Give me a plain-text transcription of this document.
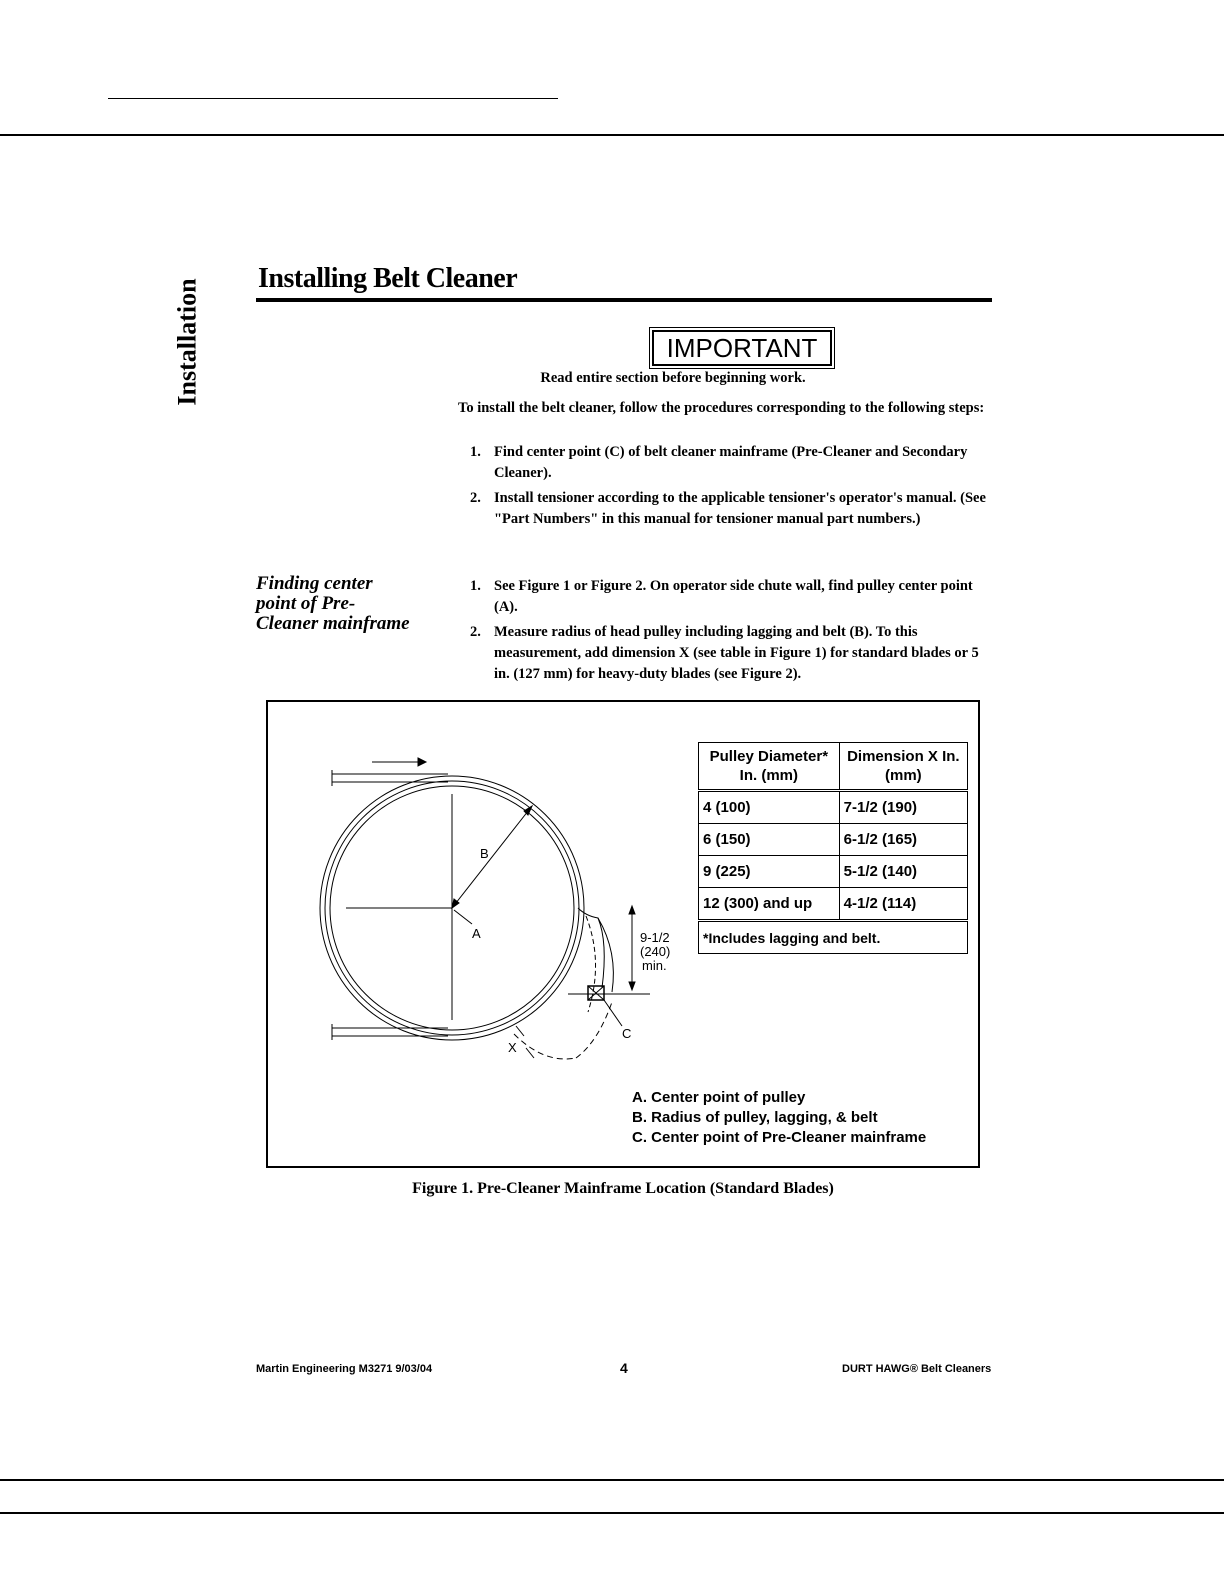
Installation Installing Belt Cleaner
IMPORTANT
Read entire section before beginning work.
To install the belt cleaner, follow the procedures corresponding to the following steps:
1. Find center point (C) of belt cleaner mainframe (Pre-Cleaner and Secondary Cleaner).
2. Install tensioner according to the applicable tensioner's operator's manual. (See "Part Numbers" in this manual for tensioner manual part numbers.)
Finding center point of Pre-Cleaner mainframe
1. See Figure 1 or Figure 2. On operator side chute wall, find pulley center point (A).
2. Measure radius of head pulley including lagging and belt (B). To this measurement, add dimension X (see table in Figure 1) for standard blades or 5 in. (127 mm) for heavy-duty blades (see Figure 2).
B
A
C
X
9-1/2
(240)
min.
Pulley Diameter* In. (mm)	Dimension X In. (mm)
4 (100)	7-1/2 (190)
6 (150)	6-1/2 (165)
9 (225)	5-1/2 (140)
12 (300) and up	4-1/2 (114)
*Includes lagging and belt.	
A. Center point of pulley
B. Radius of pulley, lagging, & belt
C. Center point of Pre-Cleaner mainframe
Figure 1. Pre-Cleaner Mainframe Location (Standard Blades)
Martin Engineering M3271 9/03/04	4	DURT HAWG® Belt Cleaners
